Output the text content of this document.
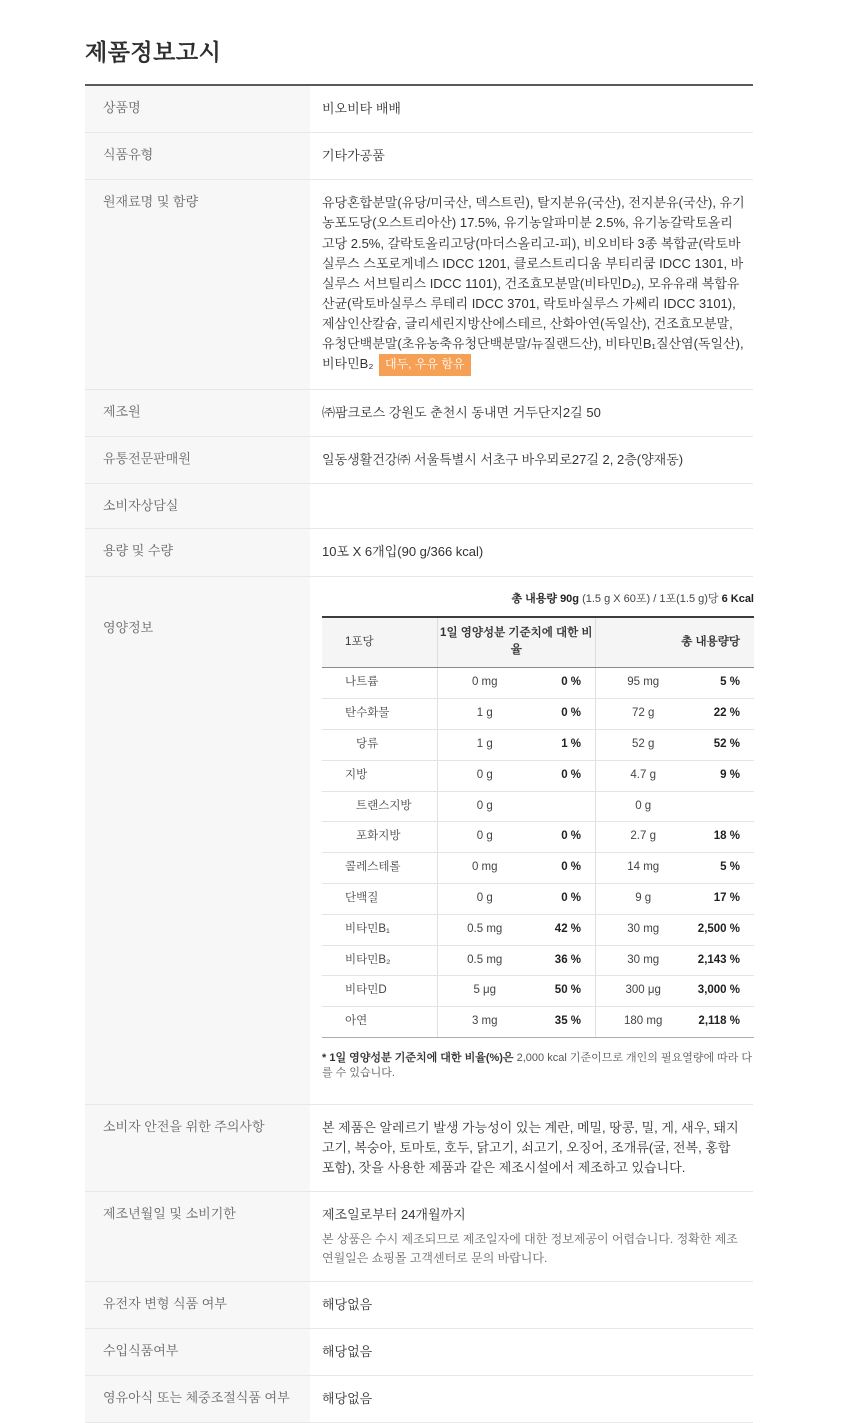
제품정보고시
상품명	비오비타 배배
식품유형	기타가공품
원재료명 및 함량	유당혼합분말(유당/미국산, 덱스트린), 탈지분유(국산), 전지분유(국산), 유기농포도당(오스트리아산) 17.5%, 유기농알파미분 2.5%, 유기농갈락토올리고당 2.5%, 갈락토올리고당(마더스올리고-피), 비오비타 3종 복합균(락토바실루스 스포로게네스 IDCC 1201, 클로스트리디움 부티리쿰 IDCC 1301, 바실루스 서브틸리스 IDCC 1101), 건조효모분말(비타민D₂), 모유유래 복합유산균(락토바실루스 루테리 IDCC 3701, 락토바실루스 가쎄리 IDCC 3101), 제삼인산칼슘, 글리세린지방산에스테르, 산화아연(독일산), 건조효모분말, 유청단백분말(초유농축유청단백분말/뉴질랜드산), 비타민B₁질산염(독일산), 비타민B₂ 대두, 우유 함유
제조원	㈜팜크로스 강원도 춘천시 동내면 거두단지2길 50
유통전문판매원	일동생활건강㈜ 서울특별시 서초구 바우뫼로27길 2, 2층(양재동)
소비자상담실
용량 및 수량	10포 X 6개입(90 g/366 kcal)
영양정보
총 내용량 90g (1.5 g X 60포) / 1포(1.5 g)당 6 Kcal
1포당	1일 영양성분 기준치에 대한 비율		총 내용량당	
나트륨	0 mg	0 %	95 mg	5 %
탄수화물	1 g	0 %	72 g	22 %
당류	1 g	1 %	52 g	52 %
지방	0 g	0 %	4.7 g	9 %
트랜스지방	0 g		0 g	
포화지방	0 g	0 %	2.7 g	18 %
콜레스테롤	0 mg	0 %	14 mg	5 %
단백질	0 g	0 %	9 g	17 %
비타민B₁	0.5 mg	42 %	30 mg	2,500 %
비타민B₂	0.5 mg	36 %	30 mg	2,143 %
비타민D	5 μg	50 %	300 μg	3,000 %
아연	3 mg	35 %	180 mg	2,118 %
* 1일 영양성분 기준치에 대한 비율(%)은 2,000 kcal 기준이므로 개인의 필요열량에 따라 다를 수 있습니다.
소비자 안전을 위한 주의사항	본 제품은 알레르기 발생 가능성이 있는 계란, 메밀, 땅콩, 밀, 게, 새우, 돼지고기, 복숭아, 토마토, 호두, 닭고기, 쇠고기, 오징어, 조개류(굴, 전복, 홍합 포함), 잣을 사용한 제품과 같은 제조시설에서 제조하고 있습니다.
제조년월일 및 소비기한	제조일로부터 24개월까지
본 상품은 수시 제조되므로 제조일자에 대한 정보제공이 어렵습니다. 정확한 제조연월일은 쇼핑몰 고객센터로 문의 바랍니다.
유전자 변형 식품 여부	해당없음
수입식품여부	해당없음
영유아식 또는 체중조절식품 여부	해당없음
